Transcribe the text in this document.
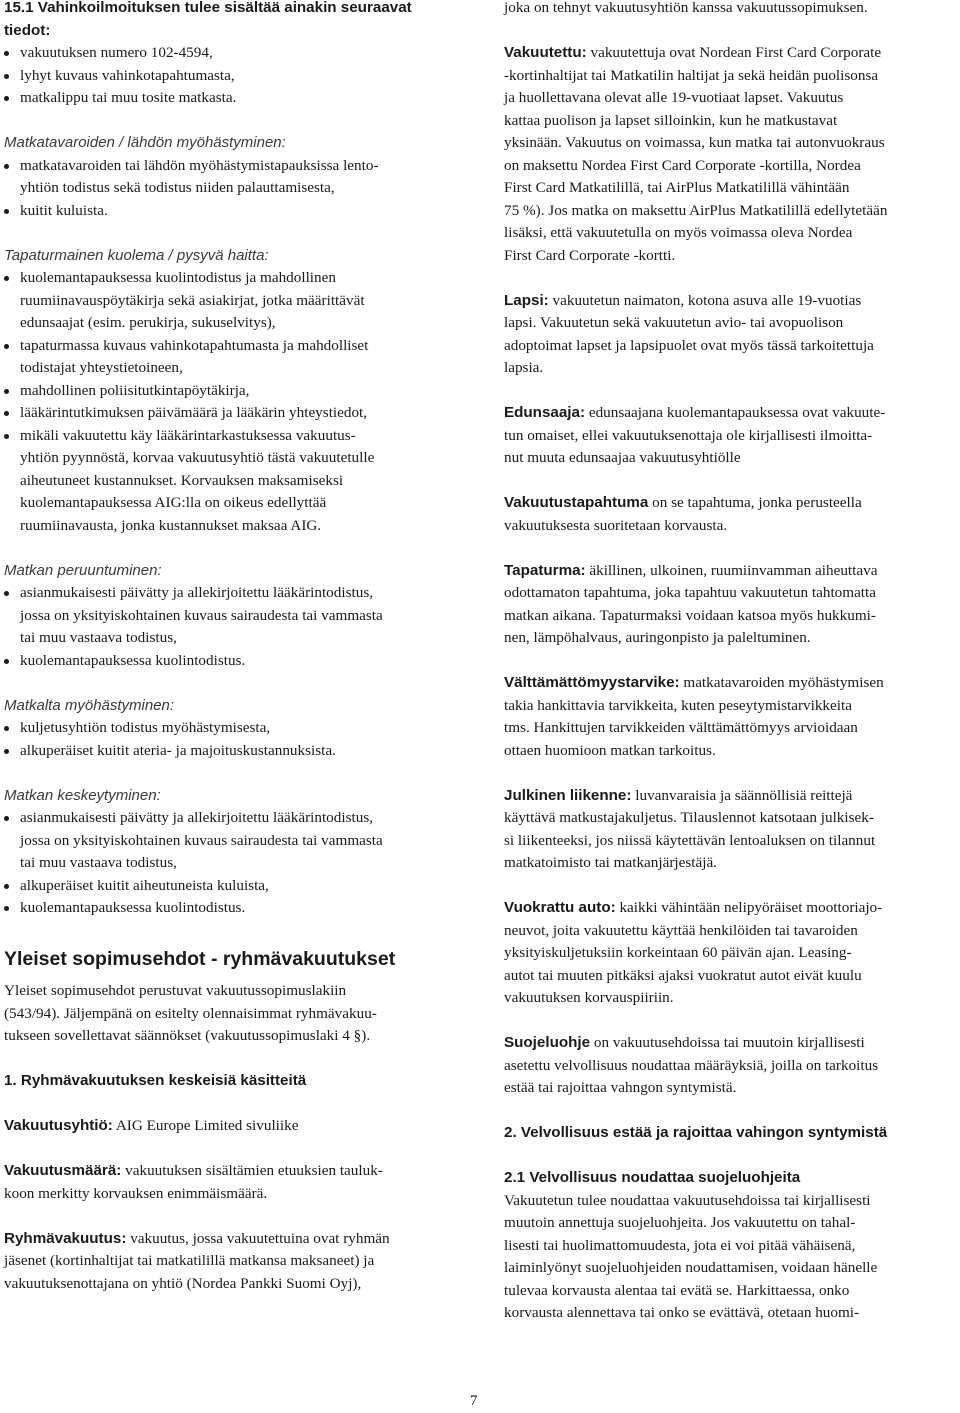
15.1 Vahinkoilmoituksen tulee sisältää ainakin seuraavat
tiedot:
vakuutuksen numero 102-4594,
lyhyt kuvaus vahinkotapahtumasta,
matkalippu tai muu tosite matkasta.

Matkatavaroiden / lähdön myöhästyminen:

matkatavaroiden tai lähdön myöhästymistapauksissa lento-
yhtiön todistus sekä todistus niiden palauttamisesta,
kuitit kuluista.

Tapaturmainen kuolema / pysyvä haitta:

kuolemantapauksessa kuolintodistus ja mahdollinen
ruumiinavauspöytäkirja sekä asiakirjat, jotka määrittävät
edunsaajat (esim. perukirja, sukuselvitys),
tapaturmassa kuvaus vahinkotapahtumasta ja mahdolliset
todistajat yhteystietoineen,
mahdollinen poliisitutkintapöytäkirja,
lääkärintutkimuksen päivämäärä ja lääkärin yhteystiedot,
mikäli vakuutettu käy lääkärintarkastuksessa vakuutus-
yhtiön pyynnöstä, korvaa vakuutusyhtiö tästä vakuutetulle
aiheutuneet kustannukset. Korvauksen maksamiseksi
kuolemantapauksessa AIG:lla on oikeus edellyttää
ruumiinavausta, jonka kustannukset maksaa AIG.

Matkan peruuntuminen:

asianmukaisesti päivätty ja allekirjoitettu lääkärintodistus,
jossa on yksityiskohtainen kuvaus sairaudesta tai vammasta
tai muu vastaava todistus,
kuolemantapauksessa kuolintodistus.

Matkalta myöhästyminen:

kuljetusyhtiön todistus myöhästymisesta,
alkuperäiset kuitit ateria- ja majoituskustannuksista.

Matkan keskeytyminen:

asianmukaisesti päivätty ja allekirjoitettu lääkärintodistus,
jossa on yksityiskohtainen kuvaus sairaudesta tai vammasta
tai muu vastaava todistus,
alkuperäiset kuitit aiheutuneista kuluista,
kuolemantapauksessa kuolintodistus.
Yleiset sopimusehdot - ryhmävakuutukset

Yleiset sopimusehdot perustuvat vakuutussopimuslakiin
(543/94). Jäljempänä on esitelty olennaisimmat ryhmävakuu-
tukseen sovellettavat säännökset (vakuutussopimuslaki 4 §).

1. Ryhmävakuutuksen keskeisiä käsitteitä

Vakuutusyhtiö: AIG Europe Limited sivuliike

Vakuutusmäärä: vakuutuksen sisältämien etuuksien tauluk-
koon merkitty korvauksen enimmäismäärä.

Ryhmävakuutus: vakuutus, jossa vakuutettuina ovat ryhmän
jäsenet (kortinhaltijat tai matkatilillä matkansa maksaneet) ja
vakuutuksenottajana on yhtiö (Nordea Pankki Suomi Oyj),

joka on tehnyt vakuutusyhtiön kanssa vakuutussopimuksen.

Vakuutettu: vakuutettuja ovat Nordean First Card Corporate
-kortinhaltijat tai Matkatilin haltijat ja sekä heidän puolisonsa
ja huollettavana olevat alle 19-vuotiaat lapset. Vakuutus
kattaa puolison ja lapset silloinkin, kun he matkustavat
yksinään. Vakuutus on voimassa, kun matka tai autonvuokraus
on maksettu Nordea First Card Corporate -kortilla, Nordea
First Card Matkatilillä, tai AirPlus Matkatilillä vähintään
75 %). Jos matka on maksettu AirPlus Matkatilillä edellytetään
lisäksi, että vakuutetulla on myös voimassa oleva Nordea
First Card Corporate -kortti.

Lapsi: vakuutetun naimaton, kotona asuva alle 19-vuotias
lapsi. Vakuutetun sekä vakuutetun avio- tai avopuolison
adoptoimat lapset ja lapsipuolet ovat myös tässä tarkoitettuja
lapsia.

Edunsaaja: edunsaajana kuolemantapauksessa ovat vakuute-
tun omaiset, ellei vakuutuksenottaja ole kirjallisesti ilmoitta-
nut muuta edunsaajaa vakuutusyhtiölle

Vakuutustapahtuma on se tapahtuma, jonka perusteella
vakuutuksesta suoritetaan korvausta.

Tapaturma: äkillinen, ulkoinen, ruumiinvamman aiheuttava
odottamaton tapahtuma, joka tapahtuu vakuutetun tahtomatta
matkan aikana. Tapaturmaksi voidaan katsoa myös hukkumi-
nen, lämpöhalvaus, auringonpisto ja paleltuminen.

Välttämättömyystarvike: matkatavaroiden myöhästymisen
takia hankittavia tarvikkeita, kuten peseytymistarvikkeita
tms. Hankittujen tarvikkeiden välttämättömyys arvioidaan
ottaen huomioon matkan tarkoitus.

Julkinen liikenne: luvanvaraisia ja säännöllisiä reittejä
käyttävä matkustajakuljetus. Tilauslennot katsotaan julkisek-
si liikenteeksi, jos niissä käytettävän lentoaluksen on tilannut
matkatoimisto tai matkanjärjestäjä.

Vuokrattu auto: kaikki vähintään nelipyöräiset moottoriajo-
neuvot, joita vakuutettu käyttää henkilöiden tai tavaroiden
yksityiskuljetuksiin korkeintaan 60 päivän ajan. Leasing-
autot tai muuten pitkäksi ajaksi vuokratut autot eivät kuulu
vakuutuksen korvauspiiriin.

Suojeluohje on vakuutusehdoissa tai muutoin kirjallisesti
asetettu velvollisuus noudattaa määräyksiä, joilla on tarkoitus
estää tai rajoittaa vahngon syntymistä.

2. Velvollisuus estää ja rajoittaa vahingon syntymistä
2.1 Velvollisuus noudattaa suojeluohjeita

Vakuutetun tulee noudattaa vakuutusehdoissa tai kirjallisesti
muutoin annettuja suojeluohjeita. Jos vakuutettu on tahal-
lisesti tai huolimattomuudesta, jota ei voi pitää vähäisenä,
laiminlyönyt suojeluohjeiden noudattamisen, voidaan hänelle
tulevaa korvausta alentaa tai evätä se. Harkittaessa, onko
korvausta alennettava tai onko se evättävä, otetaan huomi-

7
